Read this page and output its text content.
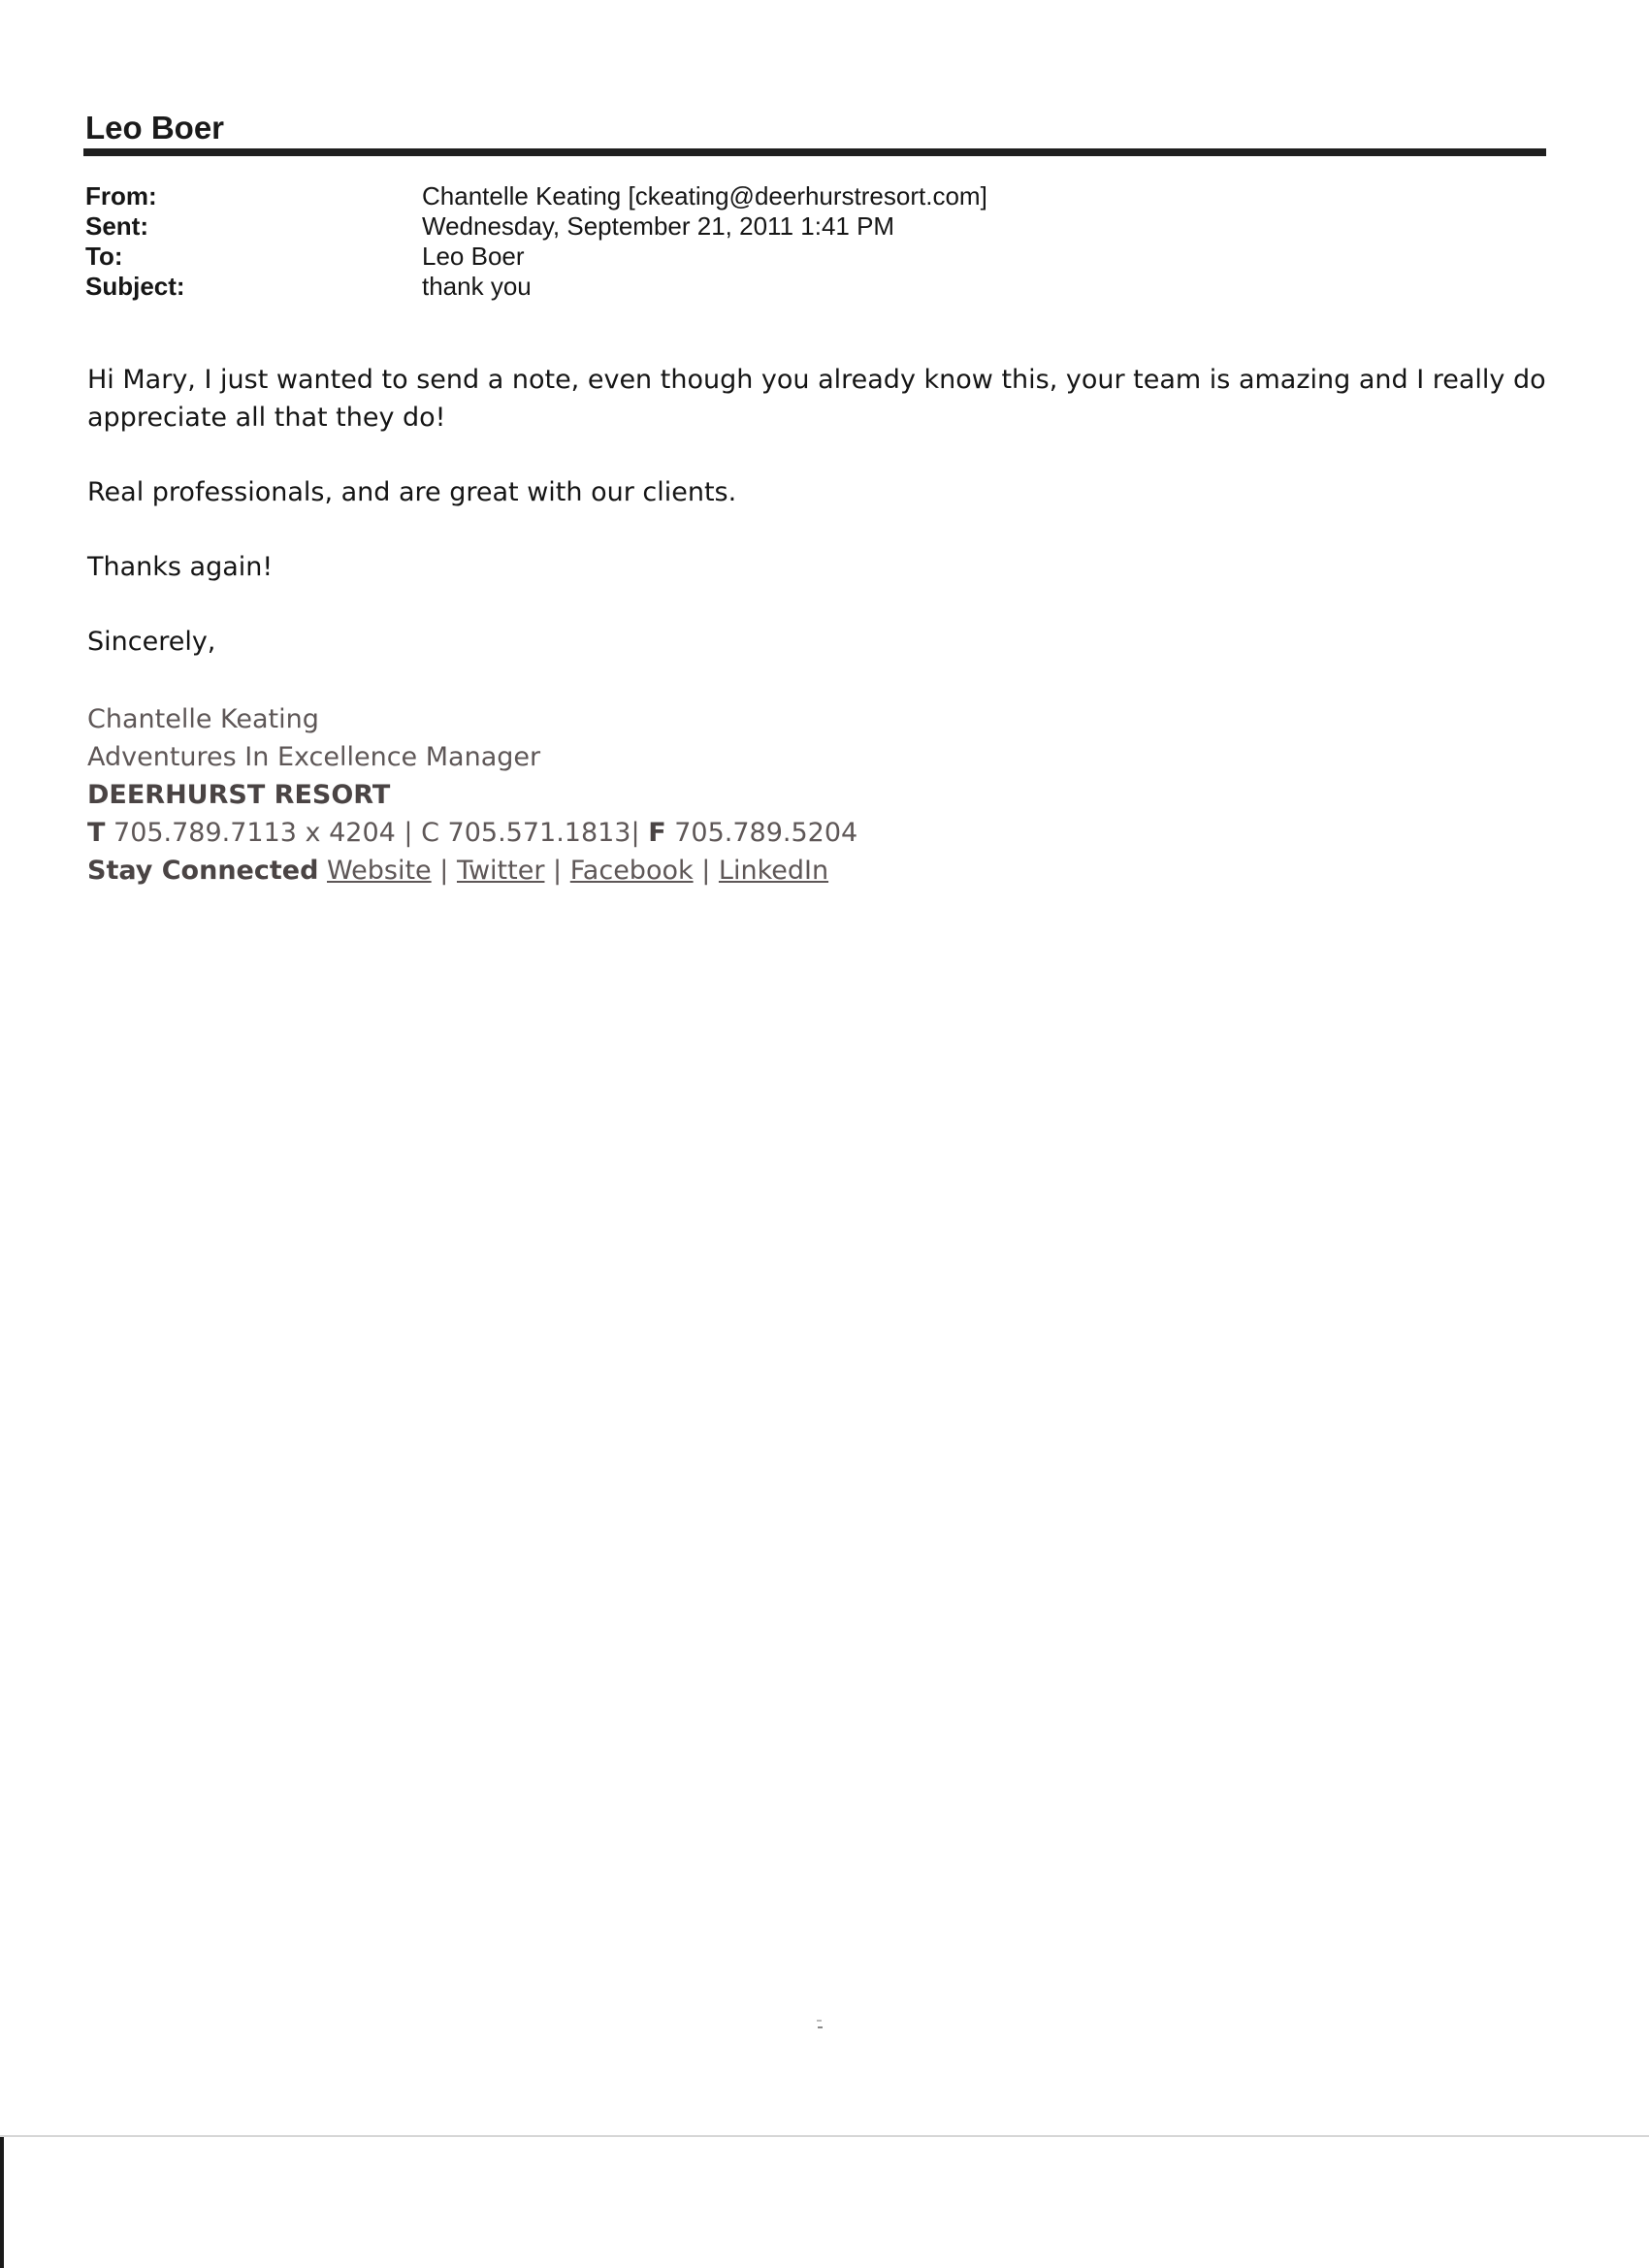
Leo Boer
From:	Chantelle Keating [ckeating@deerhurstresort.com]
Sent:	Wednesday, September 21, 2011 1:41 PM
To:	Leo Boer
Subject:	thank you

Hi Mary, I just wanted to send a note, even though you already know this, your team is amazing and I really do appreciate all that they do!

Real professionals, and are great with our clients.

Thanks again!

Sincerely,

Chantelle Keating
Adventures In Excellence Manager
DEERHURST RESORT
T 705.789.7113 x 4204 | C 705.571.1813| F 705.789.5204
Stay Connected Website | Twitter | Facebook | LinkedIn
